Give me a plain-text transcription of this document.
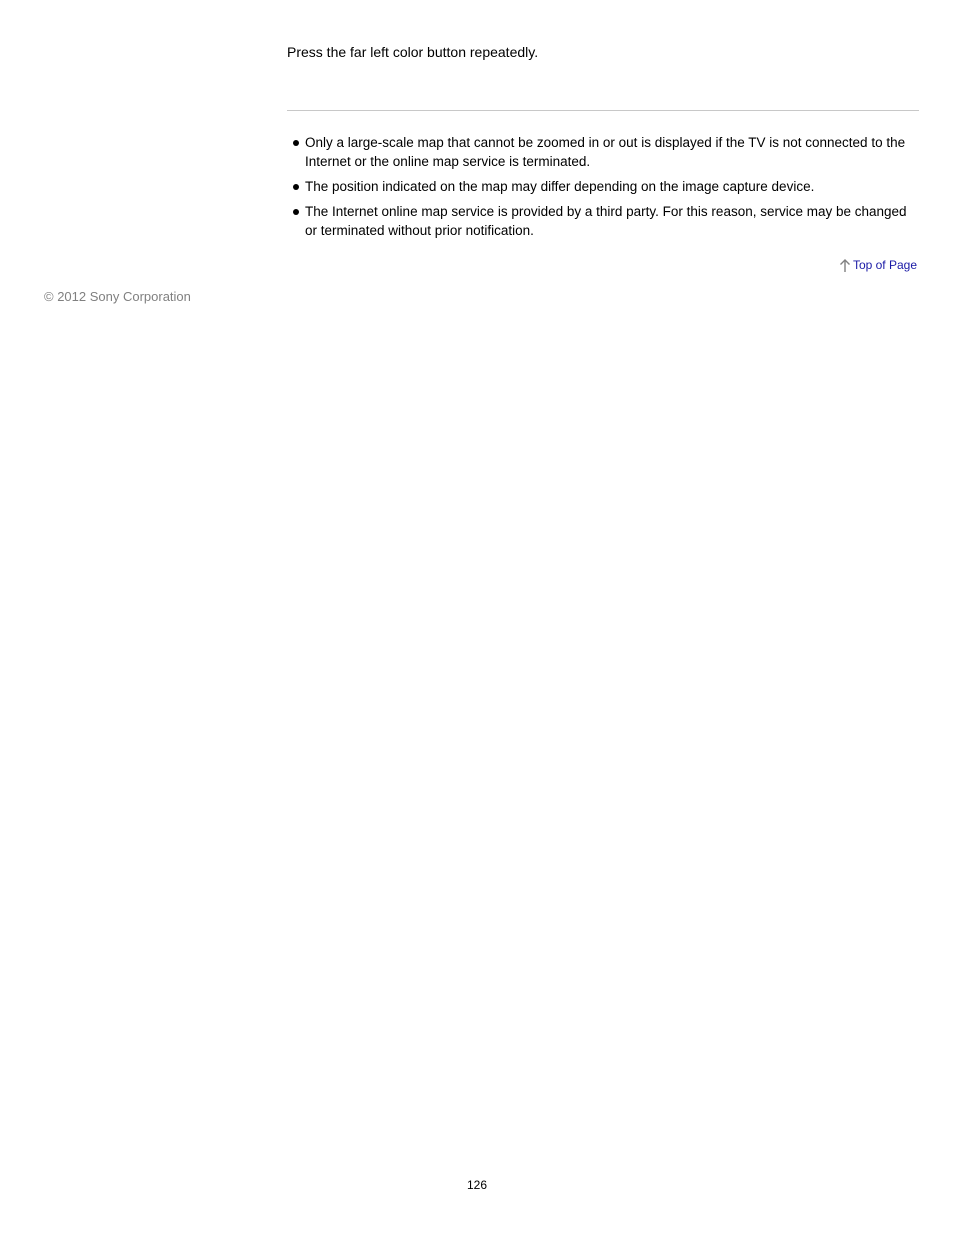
Press the far left color button repeatedly.

Only a large-scale map that cannot be zoomed in or out is displayed if the TV is not connected to the Internet or the online map service is terminated.
The position indicated on the map may differ depending on the image capture device.
The Internet online map service is provided by a third party. For this reason, service may be changed or terminated without prior notification.
Top of Page

© 2012 Sony Corporation

126
